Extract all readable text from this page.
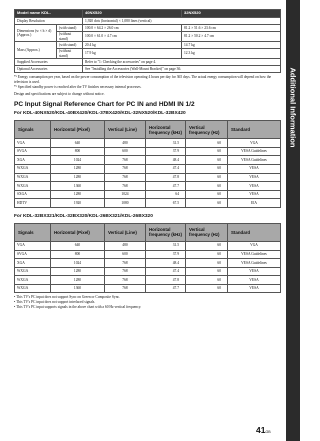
Additional Information
Model name KDL-		40NX520	32NX520
Display Resolution		1,920 dots (horizontal) × 1,080 lines (vertical)	
Dimensions (w × h × d) (Approx.)	(with stand)	100.0 × 64.2 × 26.0 cm	81.2 × 51.6 × 23.6 cm
	(without stand)	100.0 × 61.0 × 4.7 cm	81.2 × 50.2 × 4.7 cm
Mass (Approx.)	(with stand)	20.4 kg	14.7 kg
	(without stand)	17.9 kg	12.3 kg
Supplied Accessories		Refer to "1: Checking the accessories" on page 4.	
Optional Accessories		See "Installing the Accessories (Wall-Mount Bracket)" on page 36.	

*¹ Energy consumption per year, based on the power consumption of the television operating 4 hours per day for 365 days. The actual energy consumption will depend on how the television is used.

*² Specified standby power is reached after the TV finishes necessary internal processes.

Design and specifications are subject to change without notice.
PC Input Signal Reference Chart for PC IN and HDMI IN 1/2
For KDL-40NX520/KDL-40BX420/KDL-37BX420/KDL-32NX520/KDL-32BX420
Signals	Horizontal (Pixel)	Vertical (Line)	Horizontal frequency (kHz)	Vertical frequency (Hz)	Standard
VGA	640	480	31.5	60	VGA
SVGA	800	600	37.9	60	VESA Guidelines
XGA	1024	768	48.4	60	VESA Guidelines
WXGA	1280	768	47.4	60	VESA
WXGA	1280	768	47.8	60	VESA
WXGA	1360	768	47.7	60	VESA
SXGA	1280	1024	64	60	VESA
HDTV	1920	1080	67.5	60	EIA
For KDL-32BX321/KDL-32BX320/KDL-26BX321/KDL-26BX320
Signals	Horizontal (Pixel)	Vertical (Line)	Horizontal frequency (kHz)	Vertical frequency (Hz)	Standard
VGA	640	480	31.5	60	VGA
SVGA	800	600	37.9	60	VESA Guidelines
XGA	1024	768	48.4	60	VESA Guidelines
WXGA	1280	768	47.4	60	VESA
WXGA	1280	768	47.8	60	VESA
WXGA	1360	768	47.7	60	VESA

• This TV's PC input does not support Sync on Green or Composite Sync.

• This TV's PC input does not support interlaced signals.

• This TV's PC input supports signals in the above chart with a 60 Hz vertical frequency.

41GB
